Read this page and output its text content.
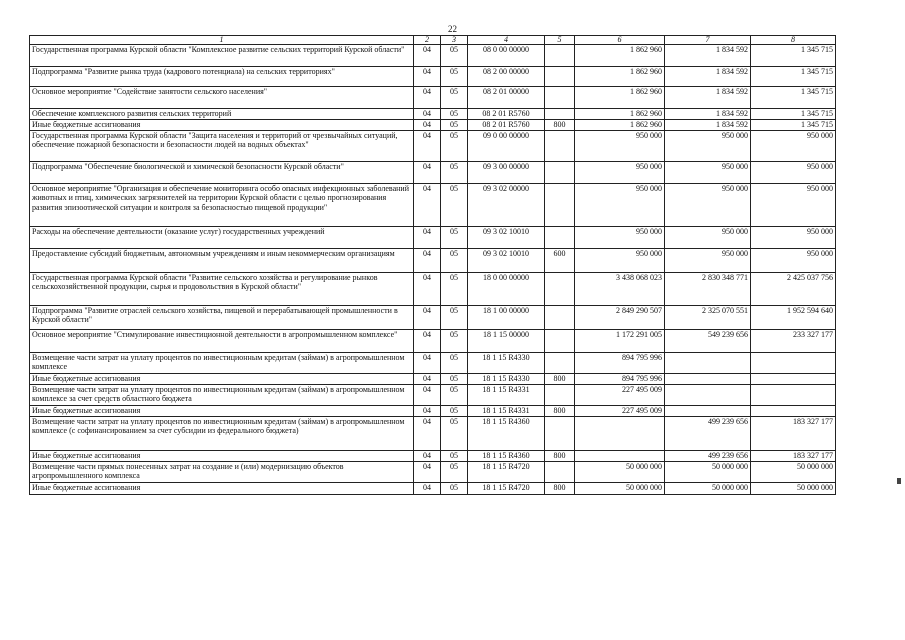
22
1	2	3	4	5	6	7	8
Государственная программа Курской области "Комплексное развитие сельских территорий Курской области"	04	05	08 0 00 00000		1 862 960	1 834 592	1 345 715
Подпрограмма "Развитие рынка труда (кадрового потенциала) на сельских территориях"	04	05	08 2 00 00000		1 862 960	1 834 592	1 345 715
Основное мероприятие "Содействие занятости сельского населения"	04	05	08 2 01 00000		1 862 960	1 834 592	1 345 715
Обеспечение комплексного развития сельских территорий	04	05	08 2 01 R5760		1 862 960	1 834 592	1 345 715
Иные бюджетные ассигнования	04	05	08 2 01 R5760	800	1 862 960	1 834 592	1 345 715
Государственная программа Курской области "Защита населения и территорий от чрезвычайных ситуаций, обеспечение пожарной безопасности и безопасности людей на водных объектах"	04	05	09 0 00 00000		950 000	950 000	950 000
Подпрограмма "Обеспечение биологической и химической безопасности Курской области"	04	05	09 3 00 00000		950 000	950 000	950 000
Основное мероприятие "Организация и обеспечение мониторинга особо опасных инфекционных заболеваний животных и птиц, химических загрязнителей на территории Курской области с целью прогнозирования развития эпизоотической ситуации и контроля за безопасностью пищевой продукции"	04	05	09 3 02 00000		950 000	950 000	950 000
Расходы на обеспечение деятельности (оказание услуг) государственных учреждений	04	05	09 3 02 10010		950 000	950 000	950 000
Предоставление субсидий бюджетным, автономным учреждениям и иным некоммерческим организациям	04	05	09 3 02 10010	600	950 000	950 000	950 000
Государственная программа Курской области "Развитие сельского хозяйства и регулирование рынков сельскохозяйственной продукции, сырья и продовольствия в Курской области"	04	05	18 0 00 00000		3 438 068 023	2 830 348 771	2 425 037 756
Подпрограмма "Развитие отраслей сельского хозяйства, пищевой и перерабатывающей промышленности в Курской области"	04	05	18 1 00 00000		2 849 290 507	2 325 070 551	1 952 594 640
Основное мероприятие "Стимулирование инвестиционной деятельности в агропромышленном комплексе"	04	05	18 1 15 00000		1 172 291 005	549 239 656	233 327 177
Возмещение части затрат на уплату процентов по инвестиционным кредитам (займам) в агропромышленном комплексе	04	05	18 1 15 R4330		894 795 996		
Иные бюджетные ассигнования	04	05	18 1 15 R4330	800	894 795 996		
Возмещение части затрат на уплату процентов по инвестиционным кредитам (займам) в агропромышленном комплексе за счет средств областного бюджета	04	05	18 1 15 R4331		227 495 009		
Иные бюджетные ассигнования	04	05	18 1 15 R4331	800	227 495 009		
Возмещение части затрат на уплату процентов по инвестиционным кредитам (займам) в агропромышленном комплексе (с софинансированием за счет субсидии из федерального бюджета)	04	05	18 1 15 R4360			499 239 656	183 327 177
Иные бюджетные ассигнования	04	05	18 1 15 R4360	800		499 239 656	183 327 177
Возмещение части прямых понесенных затрат на создание и (или) модернизацию объектов агропромышленного комплекса	04	05	18 1 15 R4720		50 000 000	50 000 000	50 000 000
Иные бюджетные ассигнования	04	05	18 1 15 R4720	800	50 000 000	50 000 000	50 000 000
